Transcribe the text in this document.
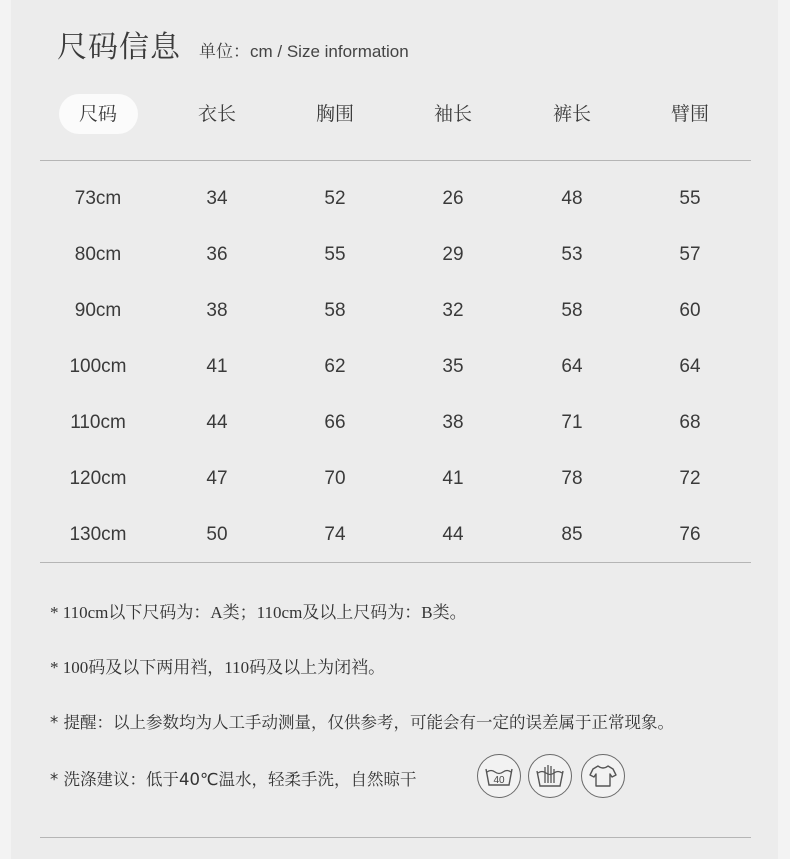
尺码信息 单位：cm / Size information
尺码	衣长	胸围	袖长	裤长	臂围
73cm	34	52	26	48	55
80cm	36	55	29	53	57
90cm	38	58	32	58	60
100cm	41	62	35	64	64
110cm	44	66	38	71	68
120cm	47	70	41	78	72
130cm	50	74	44	85	76
* 110cm以下尺码为：A类；110cm及以上尺码为：B类。
* 100码及以下两用裆，110码及以上为闭裆。
* 提醒：以上参数均为人工手动测量，仅供参考，可能会有一定的误差属于正常现象。
* 洗涤建议：低于40℃温水，轻柔手洗，自然晾干	40
